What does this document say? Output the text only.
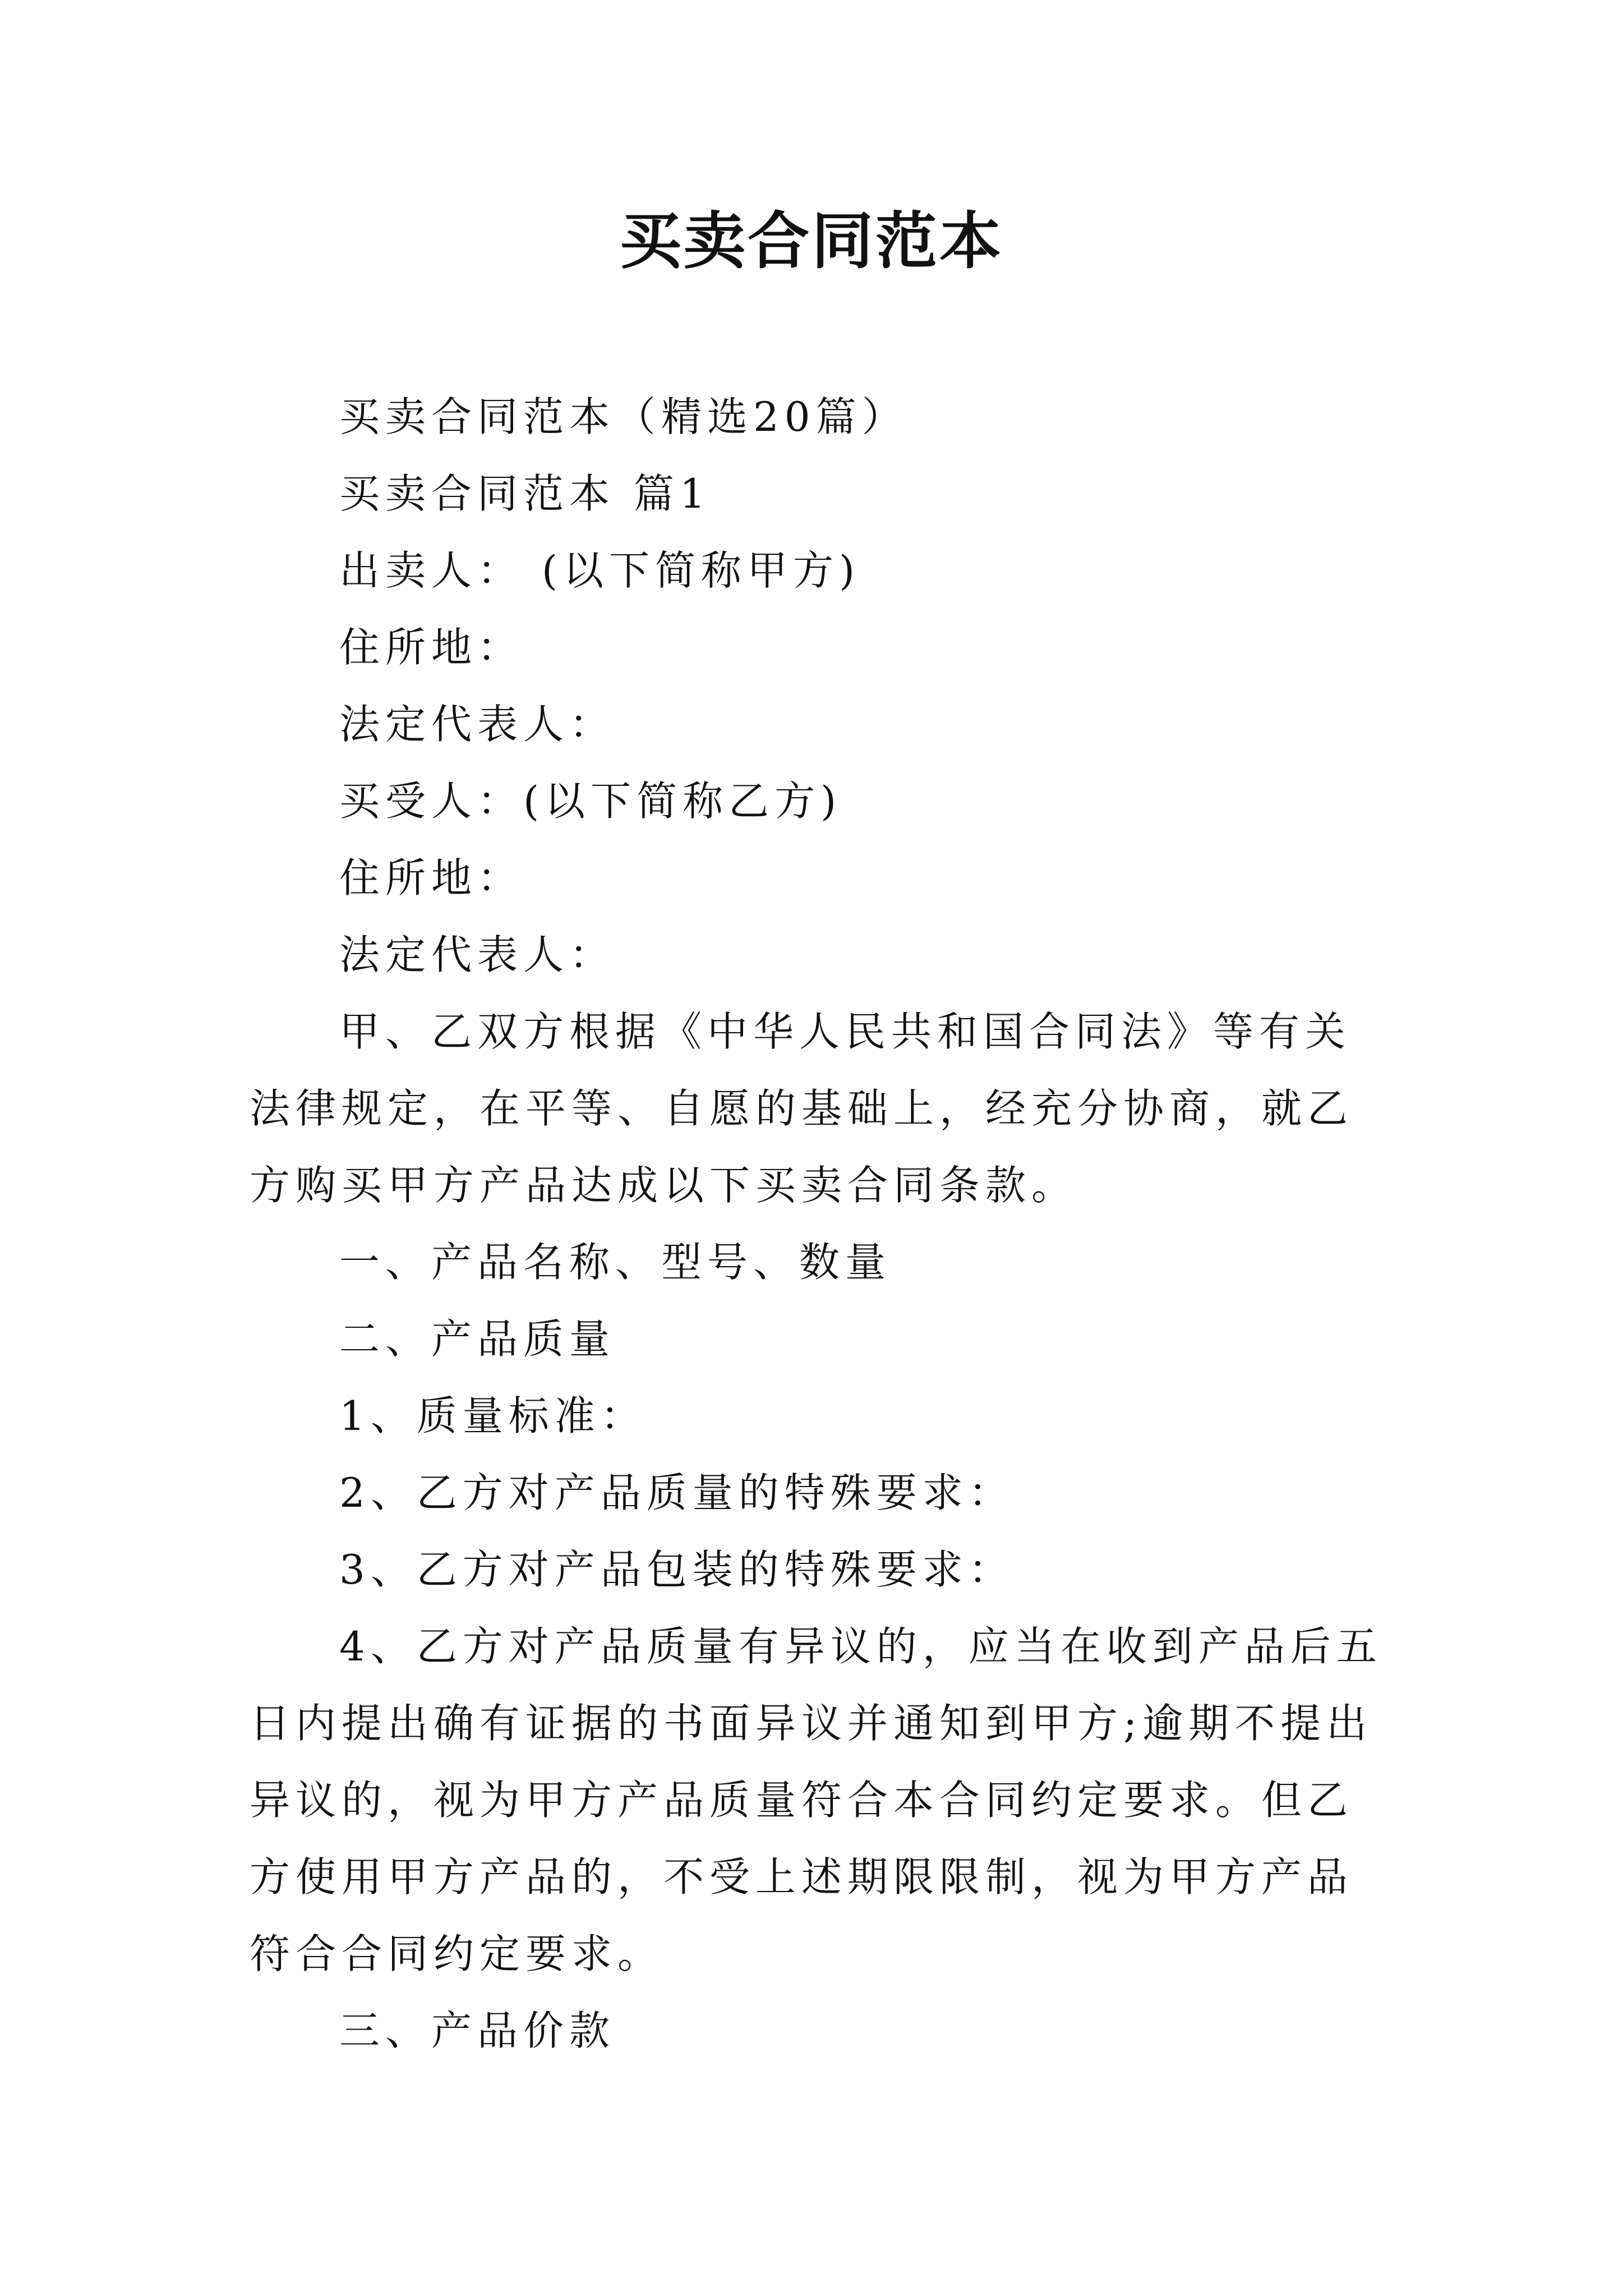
买卖合同范本

买卖合同范本（精选20篇）

买卖合同范本 篇1

出卖人： (以下简称甲方)

住所地：

法定代表人：

买受人：(以下简称乙方)

住所地：

法定代表人：

甲、乙双方根据《中华人民共和国合同法》等有关法律规定，在平等、自愿的基础上，经充分协商，就乙方购买甲方产品达成以下买卖合同条款。

一、产品名称、型号、数量

二、产品质量

1、质量标准：

2、乙方对产品质量的特殊要求：

3、乙方对产品包装的特殊要求：

4、乙方对产品质量有异议的，应当在收到产品后五日内提出确有证据的书面异议并通知到甲方;逾期不提出异议的，视为甲方产品质量符合本合同约定要求。但乙方使用甲方产品的，不受上述期限限制，视为甲方产品符合合同约定要求。

三、产品价款
